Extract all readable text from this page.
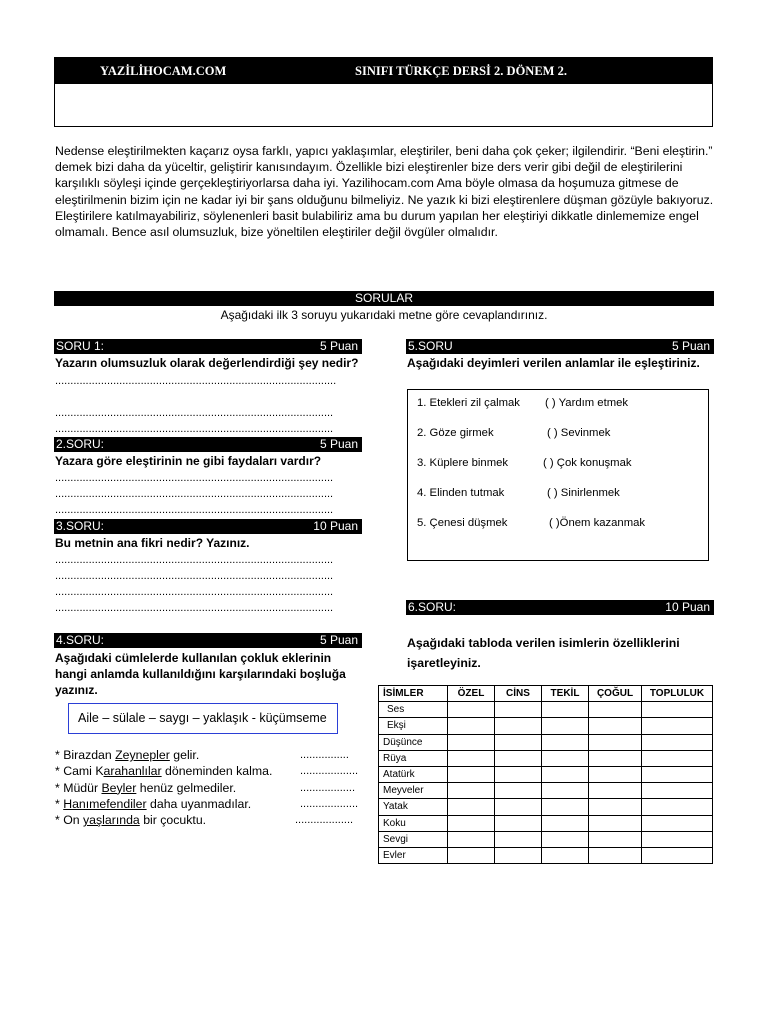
YAZİLİHOCAM.COM	SINIFI TÜRKÇE DERSİ 2. DÖNEM 2.
Nedense eleştirilmekten kaçarız oysa farklı, yapıcı yaklaşımlar, eleştiriler, beni daha çok çeker; ilgilendirir. “Beni eleştirin.” demek bizi daha da yüceltir, geliştirir kanısındayım. Özellikle bizi eleştirenler bize ders verir gibi değil de eleştirilerini karşılıklı söyleşi içinde gerçekleştiriyorlarsa daha iyi. Yazilihocam.com Ama böyle olmasa da hoşumuza gitmese de eleştirilmenin bizim için ne kadar iyi bir şans olduğunu bilmeliyiz. Ne yazık ki bizi eleştirenlere düşman gözüyle bakıyoruz. Eleştirilere katılmayabiliriz, söylenenleri basit bulabiliriz ama bu durum yapılan her eleştiriyi dikkatle dinlememize engel olmamalı. Bence asıl olumsuzluk, bize yöneltilen eleştiriler değil övgüler olmalıdır.
SORULAR
Aşağıdaki ilk 3 soruyu yukarıdaki metne göre cevaplandırınız.
SORU 1:	5 Puan
Yazarın olumsuzluk olarak değerlendirdiği şey nedir?
............................................................................................
...........................................................................................
...........................................................................................
2.SORU:	5 Puan
Yazara göre eleştirinin ne gibi faydaları vardır?
...........................................................................................
...........................................................................................
...........................................................................................
3.SORU:	10 Puan
Bu metnin ana fikri nedir? Yazınız.
...........................................................................................
...........................................................................................
...........................................................................................
...........................................................................................
4.SORU:	5 Puan
Aşağıdaki cümlelerde kullanılan çokluk eklerinin hangi anlamda kullanıldığını karşılarındaki boşluğa yazınız.
Aile – sülale – saygı – yaklaşık - küçümseme
* Birazdan Zeynepler gelir.	................
* Cami Karahanlılar döneminden kalma.	...................
* Müdür Beyler henüz gelmediler.	..................
* Hanımefendiler daha uyanmadılar.	...................
* On yaşlarında bir çocuktu.	...................
5.SORU	5 Puan
Aşağıdaki deyimleri verilen anlamlar ile eşleştiriniz.
1. Etekleri zil çalmak ( ) Yardım etmek
2. Göze girmek	( ) Sevinmek
3. Küplere binmek	( ) Çok konuşmak
4. Elinden tutmak	( ) Sinirlenmek
5. Çenesi düşmek	( )Önem kazanmak
6.SORU:	10 Puan
Aşağıdaki tabloda verilen isimlerin özelliklerini işaretleyiniz.
İSİMLER	ÖZEL	CİNS	TEKİL	ÇOĞUL	TOPLULUK
Ses					
Ekşi					
Düşünce					
Rüya					
Atatürk					
Meyveler					
Yatak					
Koku					
Sevgi					
Evler					
